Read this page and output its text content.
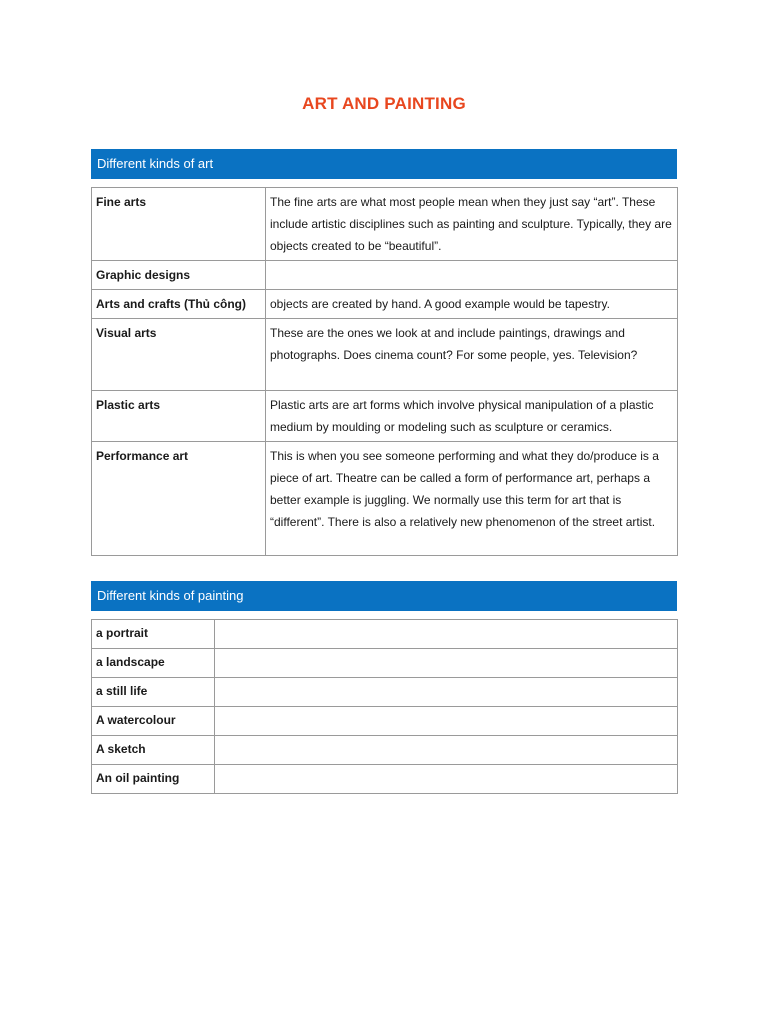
ART AND PAINTING
Different kinds of art
Fine arts	The fine arts are what most people mean when they just say “art”. These include artistic disciplines such as painting and sculpture. Typically, they are objects created to be “beautiful”.
Graphic designs	
Arts and crafts (Thủ công)	objects are created by hand. A good example would be tapestry.
Visual arts	These are the ones we look at and include paintings, drawings and photographs. Does cinema count? For some people, yes. Television?
Plastic arts	Plastic arts are art forms which involve physical manipulation of a plastic medium by moulding or modeling such as sculpture or ceramics.
Performance art	This is when you see someone performing and what they do/produce is a piece of art. Theatre can be called a form of performance art, perhaps a better example is juggling. We normally use this term for art that is “different”. There is also a relatively new phenomenon of the street artist.
Different kinds of painting
a portrait	
a landscape	
a still life	
A watercolour	
A sketch	
An oil painting	
